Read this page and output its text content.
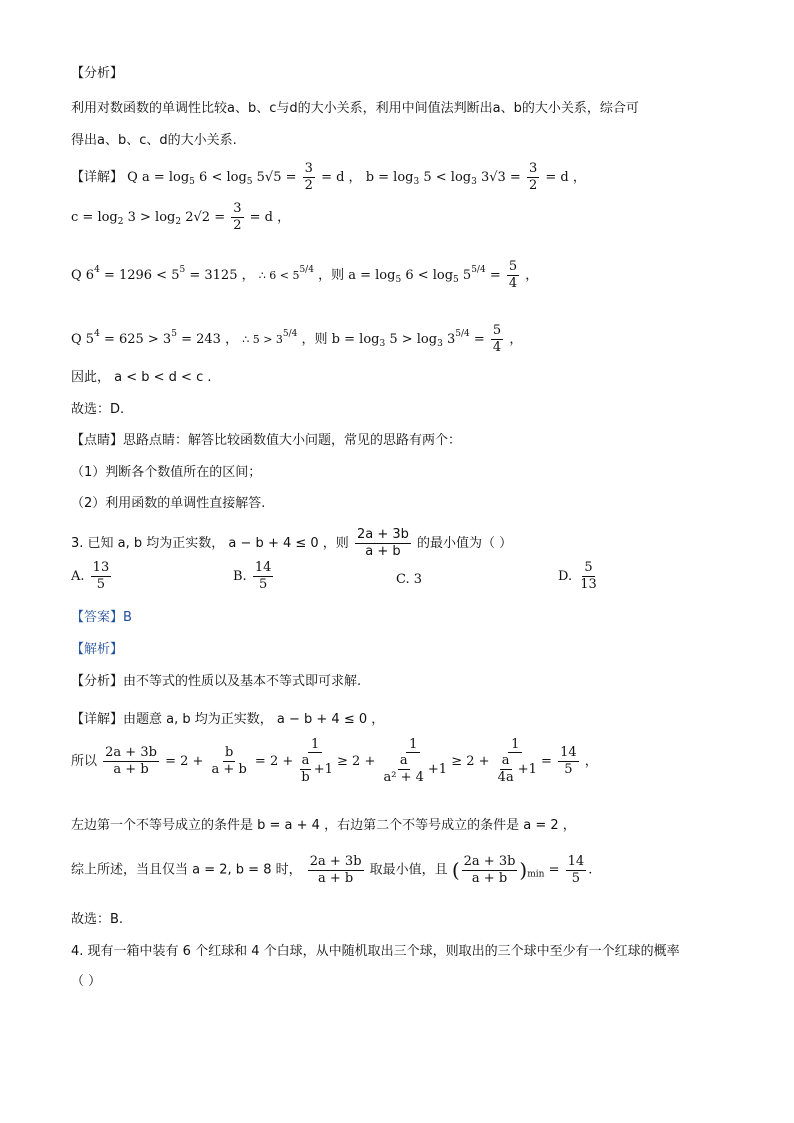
【分析】
利用对数函数的单调性比较a、b、c与d的大小关系，利用中间值法判断出a、b的大小关系，综合可
得出a、b、c、d的大小关系.
【详解】 Q $a = \log_5 6 < \log_5 5√5 = \frac{3}{2} = d$ ， $b = \log_3 5 < \log_3 3√3 = \frac{3}{2} = d$ ，
$c = \log_2 3 > \log_2 2√2 = \frac{3}{2} = d$ ，
Q $6^4 = 1296 < 5^5 = 3125$ ， ∴ $6 < 5^{5/4}$ ，则 $a = \log_5 6 < \log_5 5^{5/4} = \frac{5}{4}$ ，
Q $5^4 = 625 > 3^5 = 243$ ， ∴ $5 > 3^{5/4}$ ，则 $b = \log_3 5 > \log_3 3^{5/4} = \frac{5}{4}$ ，
因此， a < b < d < c .
故选：D.
【点睛】思路点睛：解答比较函数值大小问题，常见的思路有两个：
（1）判断各个数值所在的区间；
（2）利用函数的单调性直接解答.
3. 已知 a, b 均为正实数， a − b + 4 ≤ 0 ，则 $\frac{2a + 3b}{a + b}$ 的最小值为（ ）
A. $\frac{13}{5}$	B. $\frac{14}{5}$	C. 3	D. $\frac{5}{13}$
【答案】B
【解析】
【分析】由不等式的性质以及基本不等式即可求解.
【详解】由题意 a, b 均为正实数， a − b + 4 ≤ 0 ，
所以 $\frac{2a + 3b}{a + b} = 2 + \frac{b}{a + b} = 2 + \frac{1}{\frac{a}{b} +1} \ge 2 + \frac{1}{\frac{a}{\text{a² + 4}} +1} \ge 2 + \frac{1}{\frac{a}{4a} +1} = \frac{14}{5}$ ，
左边第一个不等号成立的条件是 b = a + 4 ，右边第二个不等号成立的条件是 a = 2 ，
综上所述，当且仅当 a = 2, b = 8 时， $\frac{2a + 3b}{a + b}$ 取最小值，且 ( $\frac{2a + 3b}{a + b} )_{min} = \frac{14}{5}$ .
故选：B.
4. 现有一箱中装有 6 个红球和 4 个白球，从中随机取出三个球，则取出的三个球中至少有一个红球的概率
（ ）
